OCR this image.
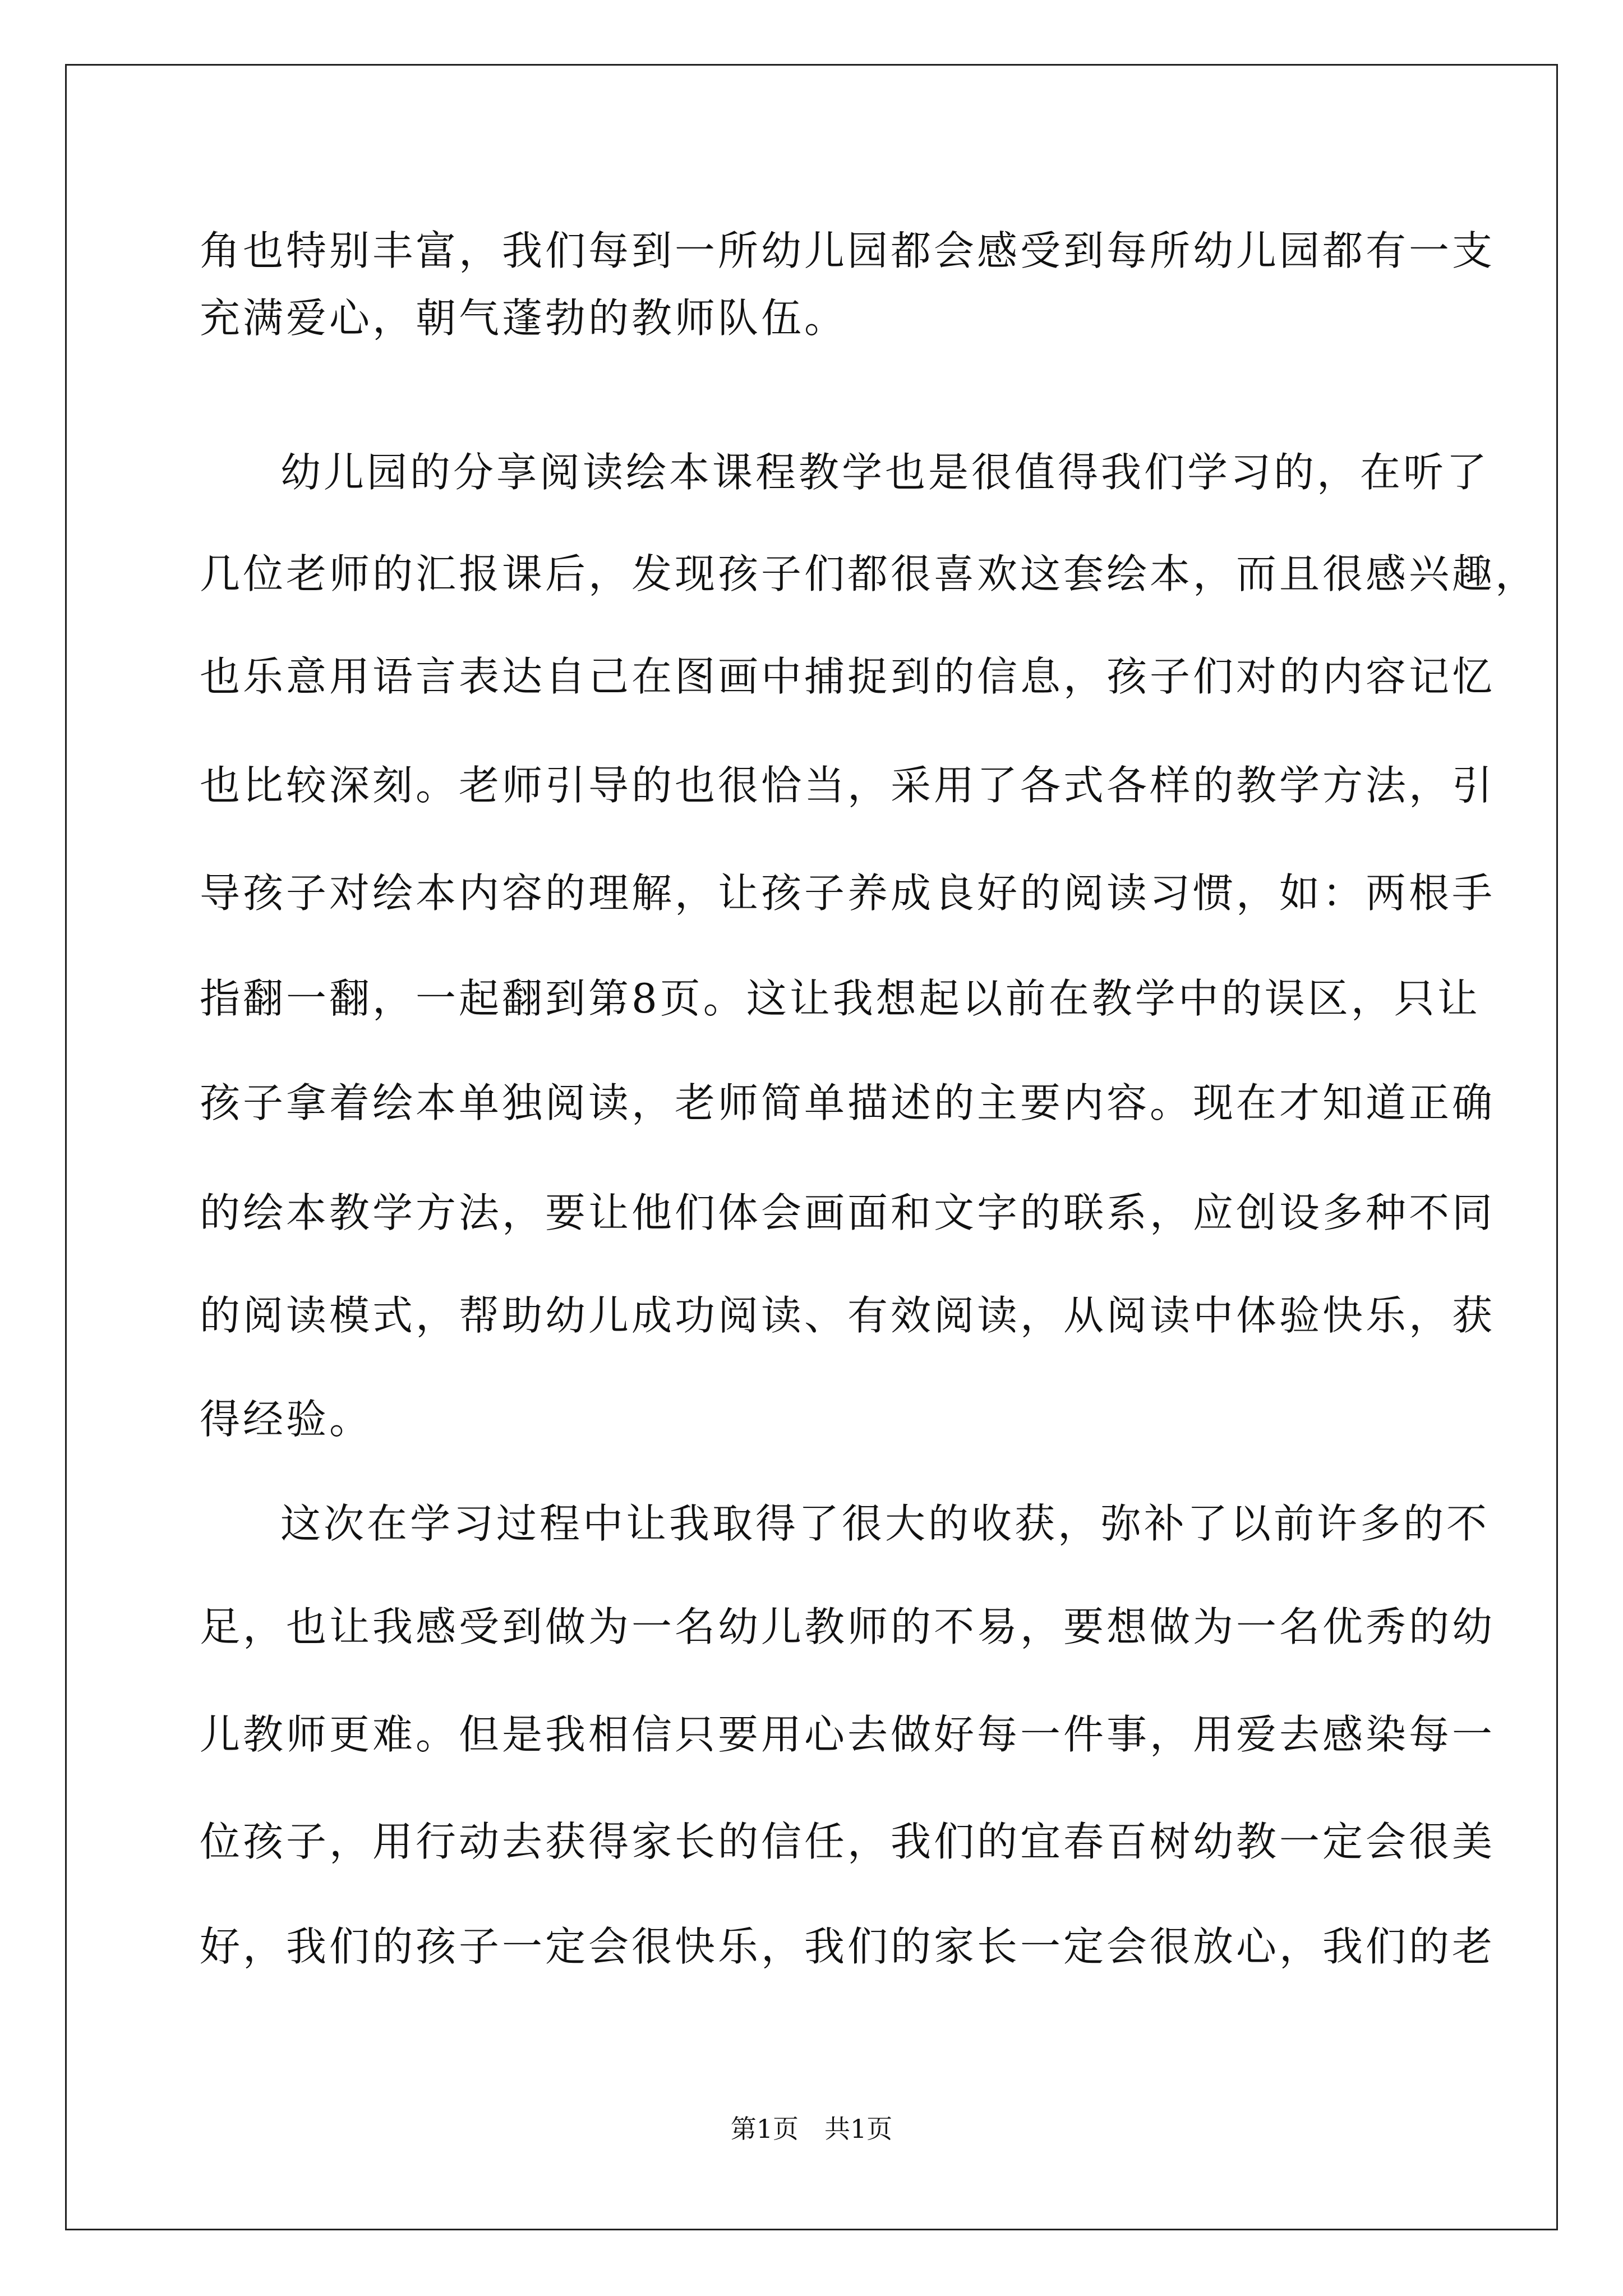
角也特别丰富，我们每到一所幼儿园都会感受到每所幼儿园都有一支
充满爱心，朝气蓬勃的教师队伍。
幼儿园的分享阅读绘本课程教学也是很值得我们学习的，在听了
几位老师的汇报课后，发现孩子们都很喜欢这套绘本，而且很感兴趣，
也乐意用语言表达自己在图画中捕捉到的信息，孩子们对的内容记忆
也比较深刻。老师引导的也很恰当，采用了各式各样的教学方法，引
导孩子对绘本内容的理解，让孩子养成良好的阅读习惯，如：两根手
指翻一翻，一起翻到第8页。这让我想起以前在教学中的误区，只让
孩子拿着绘本单独阅读，老师简单描述的主要内容。现在才知道正确
的绘本教学方法，要让他们体会画面和文字的联系，应创设多种不同
的阅读模式，帮助幼儿成功阅读、有效阅读，从阅读中体验快乐，获
得经验。
这次在学习过程中让我取得了很大的收获，弥补了以前许多的不
足，也让我感受到做为一名幼儿教师的不易，要想做为一名优秀的幼
儿教师更难。但是我相信只要用心去做好每一件事，用爱去感染每一
位孩子，用行动去获得家长的信任，我们的宜春百树幼教一定会很美
好，我们的孩子一定会很快乐，我们的家长一定会很放心，我们的老
第1页 共1页
